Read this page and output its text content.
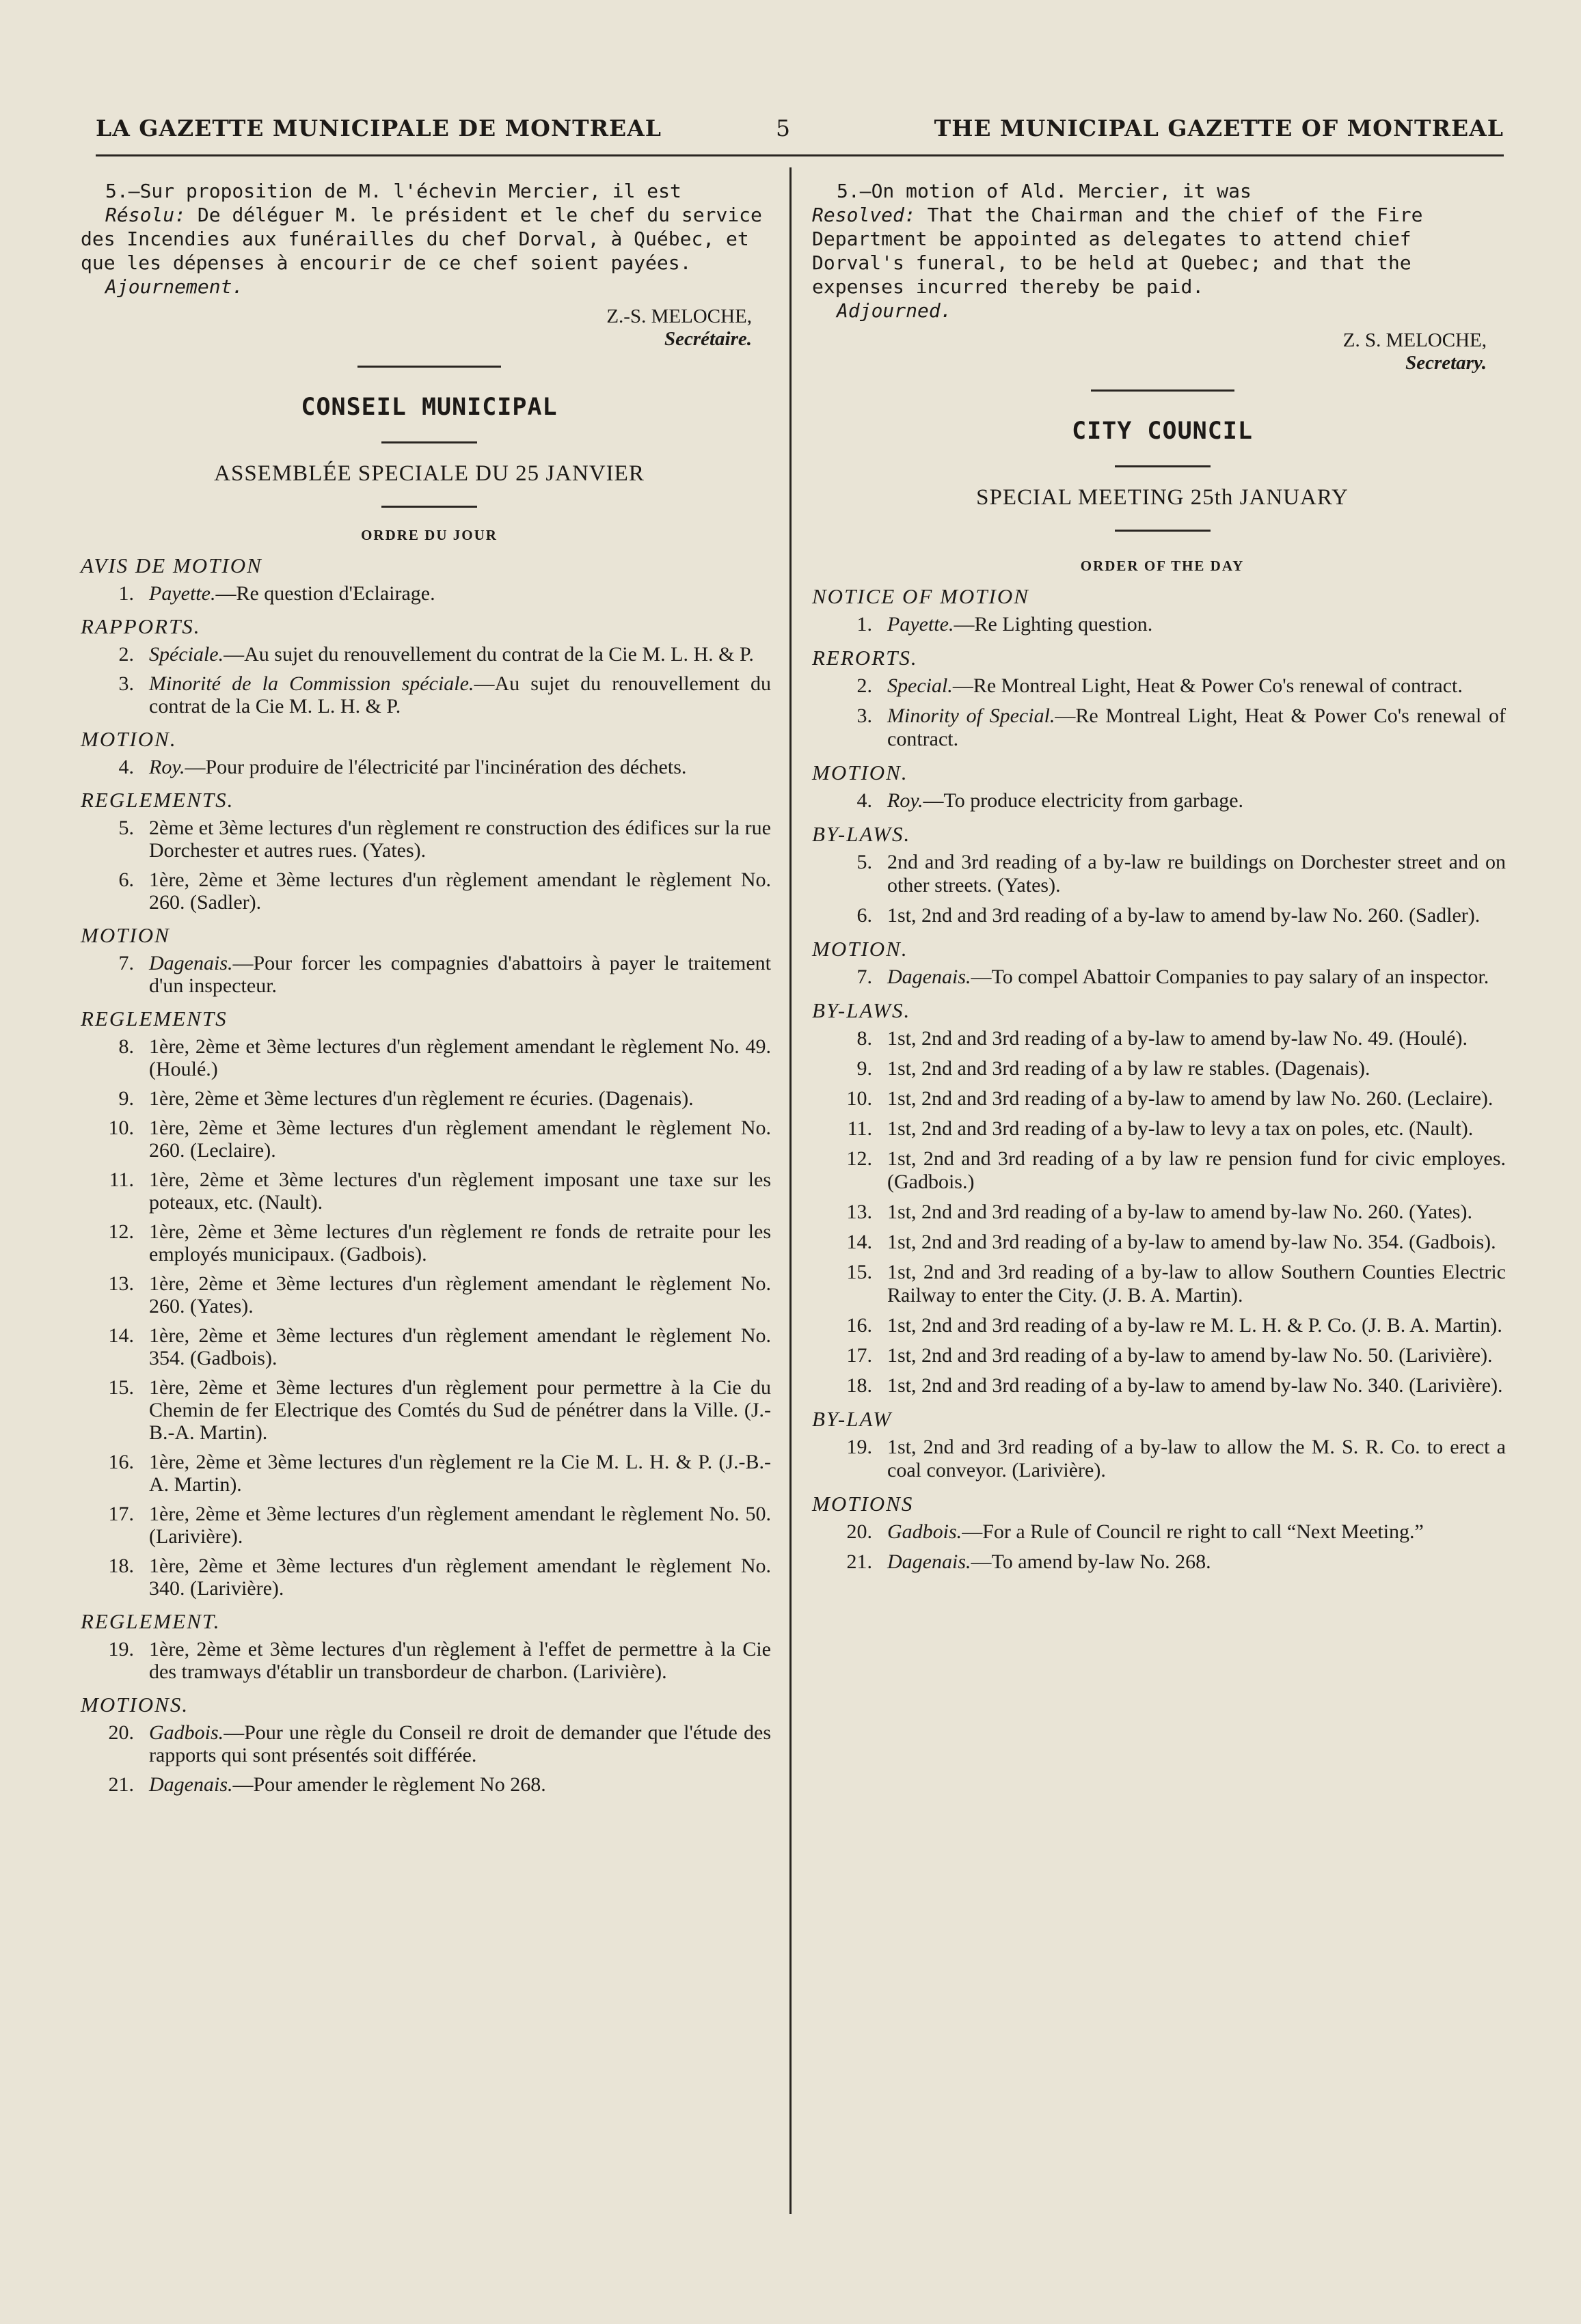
LA GAZETTE MUNICIPALE DE MONTREAL	5	THE MUNICIPAL GAZETTE OF MONTREAL
5.—Sur proposition de M. l'échevin Mercier, il est
Résolu: De déléguer M. le président et le chef du service des Incendies aux funérailles du chef Dorval, à Québec, et que les dépenses à encourir de ce chef soient payées.
Ajournement.
Z.-S. MELOCHE,
Secrétaire.
CONSEIL MUNICIPAL
ASSEMBLÉE SPECIALE DU 25 JANVIER
ORDRE DU JOUR
AVIS DE MOTION
1. Payette.—Re question d'Eclairage.
RAPPORTS.
2. Spéciale.—Au sujet du renouvellement du contrat de la Cie M. L. H. & P.
3. Minorité de la Commission spéciale.—Au sujet du renouvellement du contrat de la Cie M. L. H. & P.
MOTION.
4. Roy.—Pour produire de l'électricité par l'incinération des déchets.
REGLEMENTS.
5. 2ème et 3ème lectures d'un règlement re construction des édifices sur la rue Dorchester et autres rues. (Yates).
6. 1ère, 2ème et 3ème lectures d'un règlement amendant le règlement No. 260. (Sadler).
MOTION
7. Dagenais.—Pour forcer les compagnies d'abattoirs à payer le traitement d'un inspecteur.
REGLEMENTS
8. 1ère, 2ème et 3ème lectures d'un règlement amendant le règlement No. 49. (Houlé.)
9. 1ère, 2ème et 3ème lectures d'un règlement re écuries. (Dagenais).
10. 1ère, 2ème et 3ème lectures d'un règlement amendant le règlement No. 260. (Leclaire).
11. 1ère, 2ème et 3ème lectures d'un règlement imposant une taxe sur les poteaux, etc. (Nault).
12. 1ère, 2ème et 3ème lectures d'un règlement re fonds de retraite pour les employés municipaux. (Gadbois).
13. 1ère, 2ème et 3ème lectures d'un règlement amendant le règlement No. 260. (Yates).
14. 1ère, 2ème et 3ème lectures d'un règlement amendant le règlement No. 354. (Gadbois).
15. 1ère, 2ème et 3ème lectures d'un règlement pour permettre à la Cie du Chemin de fer Electrique des Comtés du Sud de pénétrer dans la Ville. (J.-B.-A. Martin).
16. 1ère, 2ème et 3ème lectures d'un règlement re la Cie M. L. H. & P. (J.-B.-A. Martin).
17. 1ère, 2ème et 3ème lectures d'un règlement amendant le règlement No. 50. (Larivière).
18. 1ère, 2ème et 3ème lectures d'un règlement amendant le règlement No. 340. (Larivière).
REGLEMENT.
19. 1ère, 2ème et 3ème lectures d'un règlement à l'effet de permettre à la Cie des tramways d'établir un transbordeur de charbon. (Larivière).
MOTIONS.
20. Gadbois.—Pour une règle du Conseil re droit de demander que l'étude des rapports qui sont présentés soit différée.
21. Dagenais.—Pour amender le règlement No 268.
5.—On motion of Ald. Mercier, it was
Resolved: That the Chairman and the chief of the Fire Department be appointed as delegates to attend chief Dorval's funeral, to be held at Quebec; and that the expenses incurred thereby be paid.
Adjourned.
Z. S. MELOCHE,
Secretary.
CITY COUNCIL
SPECIAL MEETING 25th JANUARY
ORDER OF THE DAY
NOTICE OF MOTION
1. Payette.—Re Lighting question.
RERORTS.
2. Special.—Re Montreal Light, Heat & Power Co's renewal of contract.
3. Minority of Special.—Re Montreal Light, Heat & Power Co's renewal of contract.
MOTION.
4. Roy.—To produce electricity from garbage.
BY-LAWS.
5. 2nd and 3rd reading of a by-law re buildings on Dorchester street and on other streets. (Yates).
6. 1st, 2nd and 3rd reading of a by-law to amend by-law No. 260. (Sadler).
MOTION.
7. Dagenais.—To compel Abattoir Companies to pay salary of an inspector.
BY-LAWS.
8. 1st, 2nd and 3rd reading of a by-law to amend by-law No. 49. (Houlé).
9. 1st, 2nd and 3rd reading of a by law re stables. (Dagenais).
10. 1st, 2nd and 3rd reading of a by-law to amend by law No. 260. (Leclaire).
11. 1st, 2nd and 3rd reading of a by-law to levy a tax on poles, etc. (Nault).
12. 1st, 2nd and 3rd reading of a by law re pension fund for civic employes. (Gadbois.)
13. 1st, 2nd and 3rd reading of a by-law to amend by-law No. 260. (Yates).
14. 1st, 2nd and 3rd reading of a by-law to amend by-law No. 354. (Gadbois).
15. 1st, 2nd and 3rd reading of a by-law to allow Southern Counties Electric Railway to enter the City. (J. B. A. Martin).
16. 1st, 2nd and 3rd reading of a by-law re M. L. H. & P. Co. (J. B. A. Martin).
17. 1st, 2nd and 3rd reading of a by-law to amend by-law No. 50. (Larivière).
18. 1st, 2nd and 3rd reading of a by-law to amend by-law No. 340. (Larivière).
BY-LAW
19. 1st, 2nd and 3rd reading of a by-law to allow the M. S. R. Co. to erect a coal conveyor. (Larivière).
MOTIONS
20. Gadbois.—For a Rule of Council re right to call “Next Meeting.”
21. Dagenais.—To amend by-law No. 268.
